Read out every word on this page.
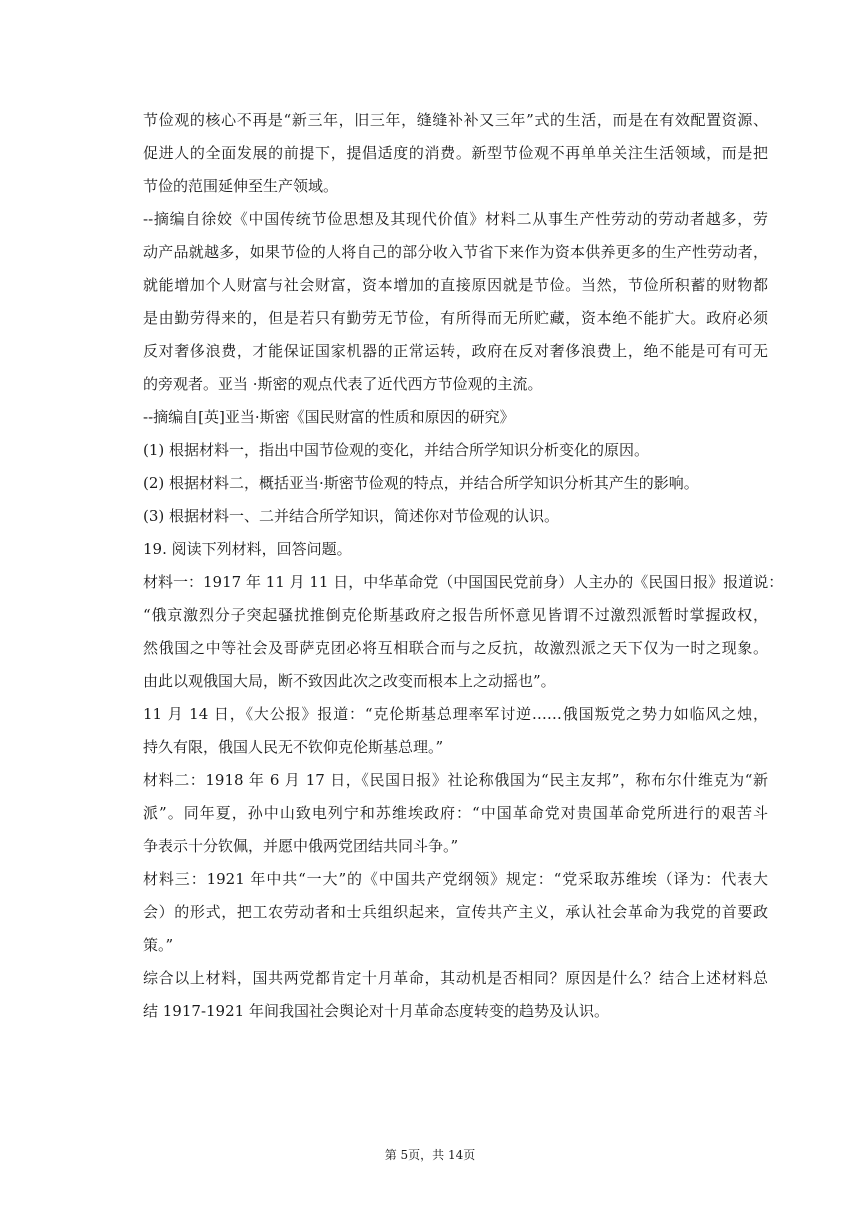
节俭观的核心不再是“新三年，旧三年，缝缝补补又三年”式的生活，而是在有效配置资源、
促进人的全面发展的前提下，提倡适度的消费。新型节俭观不再单单关注生活领域，而是把
节俭的范围延伸至生产领域。
--摘编自徐姣《中国传统节俭思想及其现代价值》材料二从事生产性劳动的劳动者越多，劳
动产品就越多，如果节俭的人将自己的部分收入节省下来作为资本供养更多的生产性劳动者，
就能增加个人财富与社会财富，资本增加的直接原因就是节俭。当然，节俭所积蓄的财物都
是由勤劳得来的，但是若只有勤劳无节俭，有所得而无所贮藏，资本绝不能扩大。政府必须
反对奢侈浪费，才能保证国家机器的正常运转，政府在反对奢侈浪费上，绝不能是可有可无
的旁观者。亚当 ·斯密的观点代表了近代西方节俭观的主流。
--摘编自[英]亚当·斯密《国民财富的性质和原因的研究》
(1) 根据材料一，指出中国节俭观的变化，并结合所学知识分析变化的原因。
(2) 根据材料二，概括亚当·斯密节俭观的特点，并结合所学知识分析其产生的影响。
(3) 根据材料一、二并结合所学知识，简述你对节俭观的认识。
19. 阅读下列材料，回答问题。
材料一：1917 年 11 月 11 日，中华革命党（中国国民党前身）人主办的《民国日报》报道说：
“俄京激烈分子突起骚扰推倒克伦斯基政府之报告所怀意见皆谓不过激烈派暂时掌握政权，
然俄国之中等社会及哥萨克团必将互相联合而与之反抗，故激烈派之天下仅为一时之现象。
由此以观俄国大局，断不致因此次之改变而根本上之动摇也”。
11 月 14 日，《大公报》报道：“克伦斯基总理率军讨逆……俄国叛党之势力如临风之烛，
持久有限，俄国人民无不钦仰克伦斯基总理。”
材料二：1918 年 6 月 17 日，《民国日报》社论称俄国为“民主友邦”，称布尔什维克为“新
派”。同年夏，孙中山致电列宁和苏维埃政府：“中国革命党对贵国革命党所进行的艰苦斗
争表示十分钦佩，并愿中俄两党团结共同斗争。”
材料三：1921 年中共“一大”的《中国共产党纲领》规定：“党采取苏维埃（译为：代表大
会）的形式，把工农劳动者和士兵组织起来，宣传共产主义，承认社会革命为我党的首要政
策。”
综合以上材料，国共两党都肯定十月革命，其动机是否相同？原因是什么？结合上述材料总
结 1917-1921 年间我国社会舆论对十月革命态度转变的趋势及认识。
第 5页，共 14页
